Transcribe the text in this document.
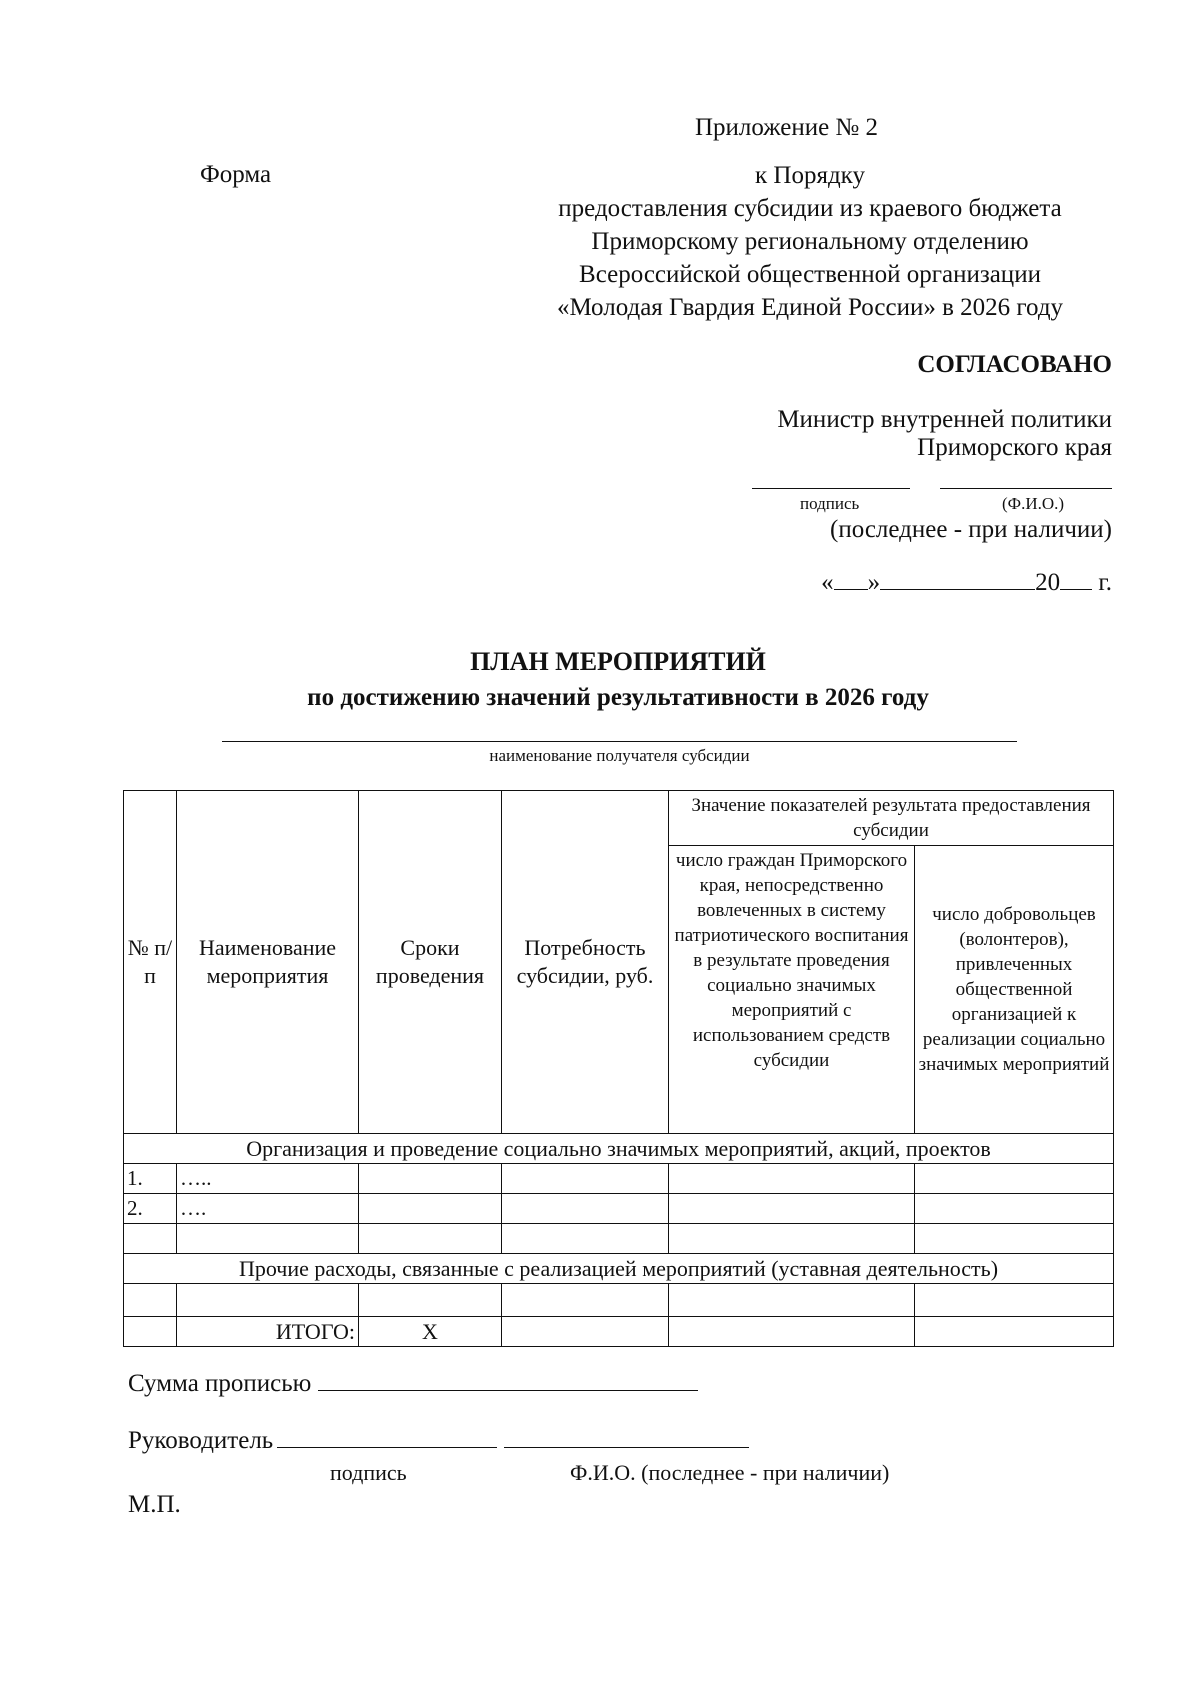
Приложение № 2
Форма	к Порядку
предоставления субсидии из краевого бюджета
Приморскому региональному отделению
Всероссийской общественной организации
«Молодая Гвардия Единой России» в 2026 году
СОГЛАСОВАНО
Министр внутренней политики
Приморского края
подпись	(Ф.И.О.)
(последнее - при наличии)
« »	20 г.
ПЛАН МЕРОПРИЯТИЙ
по достижению значений результативности в 2026 году
наименование получателя субсидии
№ п/п	Наименование мероприятия	Сроки проведения	Потребность субсидии, руб.	Значение показателей результата предоставления субсидии	
				число граждан Приморского края, непосредственно вовлеченных в систему патриотического воспитания в результате проведения социально значимых мероприятий с использованием средств субсидии	число добровольцев (волонтеров), привлеченных общественной организацией к реализации социально значимых мероприятий
Организация и проведение социально значимых мероприятий, акций, проектов					
1.	…..				
2.	….				

Прочие расходы, связанные с реализацией мероприятий (уставная деятельность)					

	ИТОГО:	Х			
Сумма прописью
Руководитель
подпись	Ф.И.О. (последнее - при наличии)
М.П.
